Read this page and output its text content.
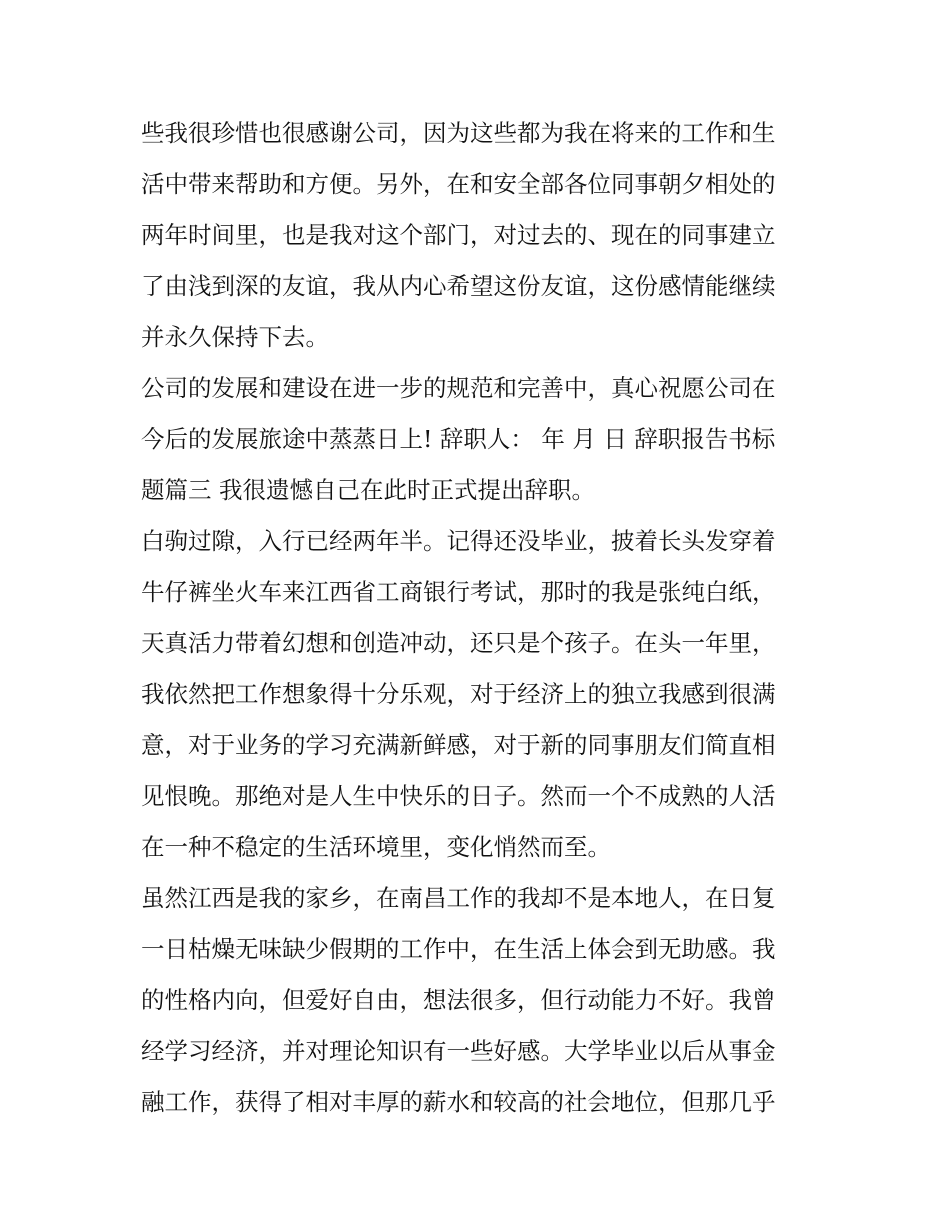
些我很珍惜也很感谢公司，因为这些都为我在将来的工作和生
活中带来帮助和方便。另外，在和安全部各位同事朝夕相处的
两年时间里，也是我对这个部门，对过去的、现在的同事建立
了由浅到深的友谊，我从内心希望这份友谊，这份感情能继续
并永久保持下去。
公司的发展和建设在进一步的规范和完善中，真心祝愿公司在
今后的发展旅途中蒸蒸日上! 辞职人： 年 月 日 辞职报告书标
题篇三 我很遗憾自己在此时正式提出辞职。
白驹过隙，入行已经两年半。记得还没毕业，披着长头发穿着
牛仔裤坐火车来江西省工商银行考试，那时的我是张纯白纸，
天真活力带着幻想和创造冲动，还只是个孩子。在头一年里，
我依然把工作想象得十分乐观，对于经济上的独立我感到很满
意，对于业务的学习充满新鲜感，对于新的同事朋友们简直相
见恨晚。那绝对是人生中快乐的日子。然而一个不成熟的人活
在一种不稳定的生活环境里，变化悄然而至。
虽然江西是我的家乡，在南昌工作的我却不是本地人，在日复
一日枯燥无味缺少假期的工作中，在生活上体会到无助感。我
的性格内向，但爱好自由，想法很多，但行动能力不好。我曾
经学习经济，并对理论知识有一些好感。大学毕业以后从事金
融工作，获得了相对丰厚的薪水和较高的社会地位，但那几乎
